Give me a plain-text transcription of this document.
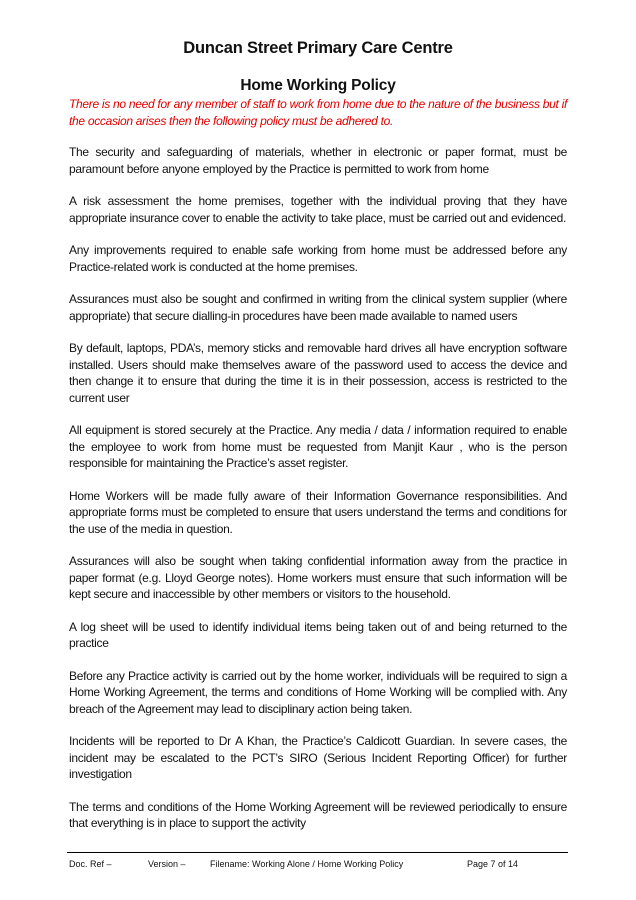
Duncan Street Primary Care Centre
Home Working Policy
There is no need for any member of staff to work from home due to the nature of the business but if the occasion arises then the following policy must be adhered to.

The security and safeguarding of materials, whether in electronic or paper format, must be paramount before anyone employed by the Practice is permitted to work from home

A risk assessment the home premises, together with the individual proving that they have appropriate insurance cover to enable the activity to take place, must be carried out and evidenced.

Any improvements required to enable safe working from home must be addressed before any Practice-related work is conducted at the home premises.

Assurances must also be sought and confirmed in writing from the clinical system supplier (where appropriate) that secure dialling-in procedures have been made available to named users

By default, laptops, PDA’s, memory sticks and removable hard drives all have encryption software installed. Users should make themselves aware of the password used to access the device and then change it to ensure that during the time it is in their possession, access is restricted to the current user

All equipment is stored securely at the Practice. Any media / data / information required to enable the employee to work from home must be requested from Manjit Kaur , who is the person responsible for maintaining the Practice’s asset register.

Home Workers will be made fully aware of their Information Governance responsibilities. And appropriate forms must be completed to ensure that users understand the terms and conditions for the use of the media in question.

Assurances will also be sought when taking confidential information away from the practice in paper format (e.g. Lloyd George notes). Home workers must ensure that such information will be kept secure and inaccessible by other members or visitors to the household.

A log sheet will be used to identify individual items being taken out of and being returned to the practice

Before any Practice activity is carried out by the home worker, individuals will be required to sign a Home Working Agreement, the terms and conditions of Home Working will be complied with. Any breach of the Agreement may lead to disciplinary action being taken.

Incidents will be reported to Dr A Khan, the Practice’s Caldicott Guardian. In severe cases, the incident may be escalated to the PCT’s SIRO (Serious Incident Reporting Officer) for further investigation

The terms and conditions of the Home Working Agreement will be reviewed periodically to ensure that everything is in place to support the activity

Doc. Ref –	Version –	Filename: Working Alone / Home Working Policy	Page 7 of 14
